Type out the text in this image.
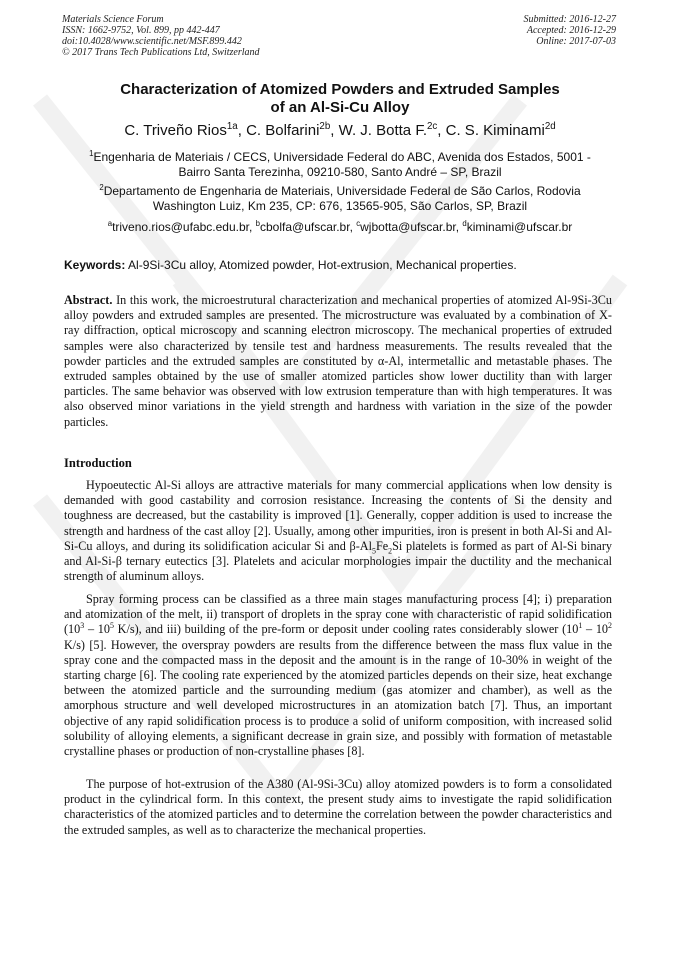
Materials Science Forum
ISSN: 1662-9752, Vol. 899, pp 442-447
doi:10.4028/www.scientific.net/MSF.899.442
© 2017 Trans Tech Publications Ltd, Switzerland
Submitted: 2016-12-27
Accepted: 2016-12-29
Online: 2017-07-03
Characterization of Atomized Powders and Extruded Samples
of an Al-Si-Cu Alloy
C. Triveño Rios$^{1a}$, C. Bolfarini$^{2b}$, W. J. Botta F.$^{2c}$, C. S. Kiminami$^{2d}$
$^1$Engenharia de Materiais / CECS, Universidade Federal do ABC, Avenida dos Estados, 5001 -
Bairro Santa Terezinha, 09210-580, Santo André – SP, Brazil
$^2$Departamento de Engenharia de Materiais, Universidade Federal de São Carlos, Rodovia
Washington Luiz, Km 235, CP: 676, 13565-905, São Carlos, SP, Brazil
$^a$triveno.rios@ufabc.edu.br, $^b$cbolfa@ufscar.br, $^c$wjbotta@ufscar.br, $^d$kiminami@ufscar.br
Keywords: Al-9Si-3Cu alloy, Atomized powder, Hot-extrusion, Mechanical properties.
Abstract. In this work, the microestrutural characterization and mechanical properties of atomized Al-9Si-3Cu alloy powders and extruded samples are presented. The microstructure was evaluated by a combination of X-ray diffraction, optical microscopy and scanning electron microscopy. The mechanical properties of extruded samples were also characterized by tensile test and hardness measurements. The results revealed that the powder particles and the extruded samples are constituted by α-Al, intermetallic and metastable phases. The extruded samples obtained by the use of smaller atomized particles show lower ductility than with larger particles. The same behavior was observed with low extrusion temperature than with high temperatures. It was also observed minor variations in the yield strength and hardness with variation in the size of the powder particles.
Introduction
Hypoeutectic Al-Si alloys are attractive materials for many commercial applications when low density is demanded with good castability and corrosion resistance. Increasing the contents of Si the density and toughness are decreased, but the castability is improved [1]. Generally, copper addition is used to increase the strength and hardness of the cast alloy [2]. Usually, among other impurities, iron is present in both Al-Si and Al-Si-Cu alloys, and during its solidification acicular Si and $\beta-Al_5Fe_2Si$ platelets is formed as part of Al-Si binary and Al-Si-β ternary eutectics [3]. Platelets and acicular morphologies impair the ductility and the mechanical strength of aluminum alloys.
Spray forming process can be classified as a three main stages manufacturing process [4]; i) preparation and atomization of the melt, ii) transport of droplets in the spray cone with characteristic of rapid solidification ($10^3 - 10^5$ K/s), and iii) building of the pre-form or deposit under cooling rates considerably slower ($10^1 - 10^2$ K/s) [5]. However, the overspray powders are results from the difference between the mass flux value in the spray cone and the compacted mass in the deposit and the amount is in the range of 10-30% in weight of the starting charge [6]. The cooling rate experienced by the atomized particles depends on their size, heat exchange between the atomized particle and the surrounding medium (gas atomizer and chamber), as well as the amorphous structure and well developed microstructures in an atomization batch [7]. Thus, an important objective of any rapid solidification process is to produce a solid of uniform composition, with increased solid solubility of alloying elements, a significant decrease in grain size, and possibly with formation of metastable crystalline phases or production of non-crystalline phases [8].
The purpose of hot-extrusion of the A380 (Al-9Si-3Cu) alloy atomized powders is to form a consolidated product in the cylindrical form. In this context, the present study aims to investigate the rapid solidification characteristics of the atomized particles and to determine the correlation between the powder characteristics and the extruded samples, as well as to characterize the mechanical properties.
